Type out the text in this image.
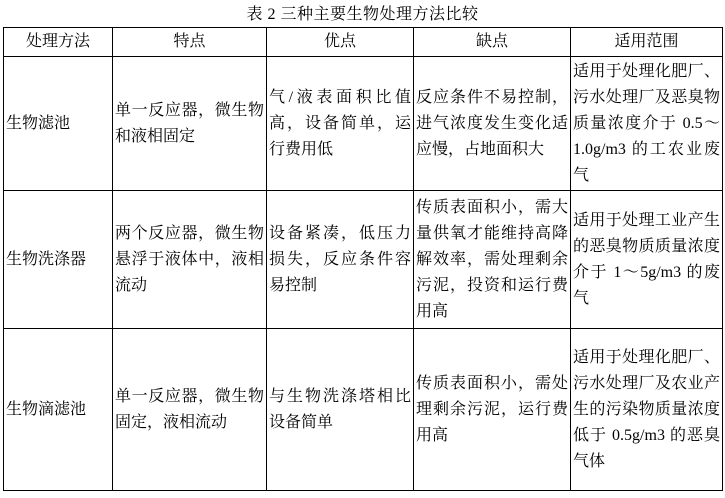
表 2 三种主要生物处理方法比较
处理方法	特点	优点	缺点	适用范围
生物滤池	单一反应器，微生物和液相固定	气/液表面积比值高，设备简单，运行费用低	反应条件不易控制，进气浓度发生变化适应慢，占地面积大	适用于处理化肥厂、污水处理厂及恶臭物质量浓度介于 0.5～1.0g/m3 的工农业废气
生物洗涤器	两个反应器，微生物悬浮于液体中，液相流动	设备紧凑，低压力损失，反应条件容易控制	传质表面积小，需大量供氧才能维持高降解效率，需处理剩余污泥，投资和运行费用高	适用于处理工业产生的恶臭物质质量浓度介于 1～5g/m3 的废气
生物滴滤池	单一反应器，微生物固定，液相流动	与生物洗涤塔相比设备简单	传质表面积小，需处理剩余污泥，运行费用高	适用于处理化肥厂、污水处理厂及农业产生的污染物质量浓度低于 0.5g/m3 的恶臭气体
